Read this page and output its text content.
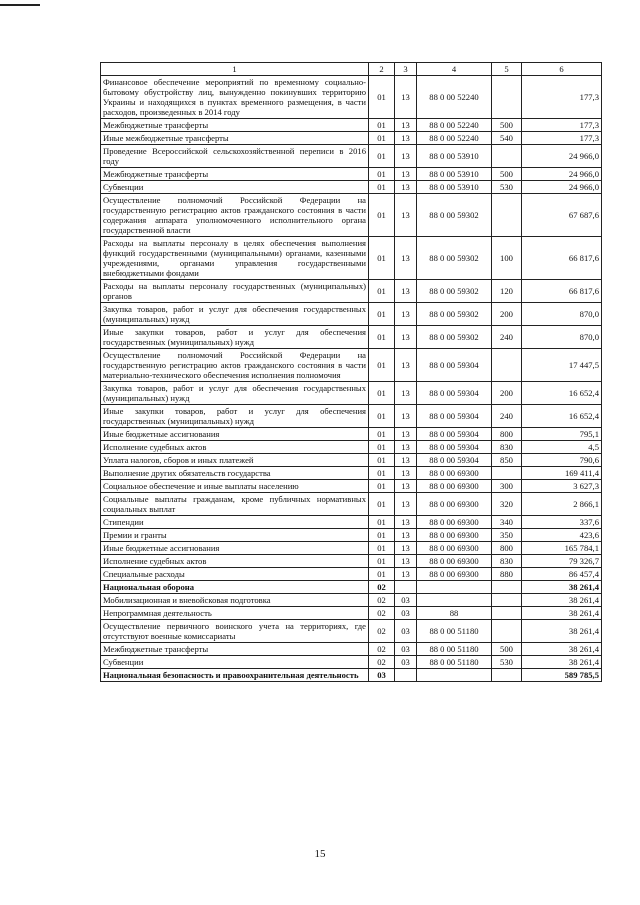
1	2	3	4	5	6
Финансовое обеспечение мероприятий по временному социально-бытовому обустройству лиц, вынужденно покинувших территорию Украины и находящихся в пунктах временного размещения, в части расходов, произведенных в 2014 году	01	13	88 0 00 52240		177,3
Межбюджетные трансферты	01	13	88 0 00 52240	500	177,3
Иные межбюджетные трансферты	01	13	88 0 00 52240	540	177,3
Проведение Всероссийской сельскохозяйственной переписи в 2016 году	01	13	88 0 00 53910		24 966,0
Межбюджетные трансферты	01	13	88 0 00 53910	500	24 966,0
Субвенции	01	13	88 0 00 53910	530	24 966,0
Осуществление полномочий Российской Федерации на государственную регистрацию актов гражданского состояния в части содержания аппарата уполномоченного исполнительного органа государственной власти	01	13	88 0 00 59302		67 687,6
Расходы на выплаты персоналу в целях обеспечения выполнения функций государственными (муниципальными) органами, казенными учреждениями, органами управления государственными внебюджетными фондами	01	13	88 0 00 59302	100	66 817,6
Расходы на выплаты персоналу государственных (муниципальных) органов	01	13	88 0 00 59302	120	66 817,6
Закупка товаров, работ и услуг для обеспечения государственных (муниципальных) нужд	01	13	88 0 00 59302	200	870,0
Иные закупки товаров, работ и услуг для обеспечения государственных (муниципальных) нужд	01	13	88 0 00 59302	240	870,0
Осуществление полномочий Российской Федерации на государственную регистрацию актов гражданского состояния в части материально-технического обеспечения исполнения полномочия	01	13	88 0 00 59304		17 447,5
Закупка товаров, работ и услуг для обеспечения государственных (муниципальных) нужд	01	13	88 0 00 59304	200	16 652,4
Иные закупки товаров, работ и услуг для обеспечения государственных (муниципальных) нужд	01	13	88 0 00 59304	240	16 652,4
Иные бюджетные ассигнования	01	13	88 0 00 59304	800	795,1
Исполнение судебных актов	01	13	88 0 00 59304	830	4,5
Уплата налогов, сборов и иных платежей	01	13	88 0 00 59304	850	790,6
Выполнение других обязательств государства	01	13	88 0 00 69300		169 411,4
Социальное обеспечение и иные выплаты населению	01	13	88 0 00 69300	300	3 627,3
Социальные выплаты гражданам, кроме публичных нормативных социальных выплат	01	13	88 0 00 69300	320	2 866,1
Стипендии	01	13	88 0 00 69300	340	337,6
Премии и гранты	01	13	88 0 00 69300	350	423,6
Иные бюджетные ассигнования	01	13	88 0 00 69300	800	165 784,1
Исполнение судебных актов	01	13	88 0 00 69300	830	79 326,7
Специальные расходы	01	13	88 0 00 69300	880	86 457,4
Национальная оборона	02				38 261,4
Мобилизационная и вневойсковая подготовка	02	03			38 261,4
Непрограммная деятельность	02	03	88		38 261,4
Осуществление первичного воинского учета на территориях, где отсутствуют военные комиссариаты	02	03	88 0 00 51180		38 261,4
Межбюджетные трансферты	02	03	88 0 00 51180	500	38 261,4
Субвенции	02	03	88 0 00 51180	530	38 261,4
Национальная безопасность и правоохранительная деятельность	03				589 785,5
15
